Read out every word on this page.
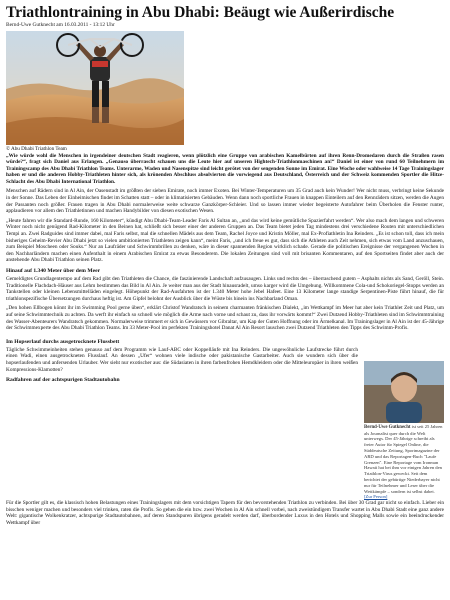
Triathlontraining in Abu Dhabi: Beäugt wie Außerirdische
Bernd-Uwe Gutknecht am 16.03.2011 - 13:12 Uhr
© Abu Dhabi Triathlon Team

„Wie würde wohl die Menschen in irgendeiner deutschen Stadt reagieren, wenn plötzlich eine Gruppe von arabischen Kamelbürten auf ihren Renn-Dromedaren durch die Straßen rasen würde?“, fragt sich Daniel aus Erlangen. „Genauso überrascht schauen uns die Leute hier auf unseren Hightech-Triathlonmaschinen an!“ Daniel ist einer von rund 60 Teilnehmern im Trainingscamp des Abu Dhabi Triathlon Teams. Unterarme, Waden und Nasenspitze sind leicht gerötet von der sengenden Sonne im Emirat. Eine Woche oder wahlweise 14 Tage Trainingslager haben er und die anderen Hobby-Triathleten hinter sich, als krönenden Abschluss absolvierten die vorwiegend aus Deutschland, Österreich und der Schweiz kommenden Sportler die Hitze-Schlacht des Abu Dhabi International Triathlon.

Menschen auf Rädern sind in Al Ain, der Oasenstadt im größten der sieben Emirate, noch immer Exoten. Bei Winter-Temperaturen um 35 Grad auch kein Wunder! Wer nicht muss, verbringt keine Sekunde in der Sonne. Das Leben der Einheimischen findet im Schatten statt – oder in klimatisierten Gebäuden. Wenn dann noch sportliche Frauen in knappen Einteilern auf den Rennrädern sitzen, werden die Augen der Passanten noch größer. Frauen tragen in Abu Dhabi normalerweise weite schwarze Ganzkörper-Schleier. Und so lassen immer wieder begeisterte Autofahrer beim Überholen die Fenster runter, applaudieren vor allem den Triathletinnen und machen Handybilder von diesen exotischen Wesen.

„Heute fahren wir die Standard-Runde, 160 Kilometer“, kündigt Abu Dhabi-Team-Leader Faris Al Sultan an, „und das wird keine gemütliche Spazierfahrt werden“. Wer also mach dem langen und schweren Winter noch nicht genügend Rad-Kilometer in den Beinen hat, schließt sich besser einer der anderen Gruppen an. Das Team bietet jeden Tag mindestens drei verschiedene Routen mit unterschiedlichen Tempi an. Zwei Radguides sind immer dabei, mal Faris selbst, mal die schnellen Mädels aus dem Team, Rachel Joyce und Kristin Möller, mal Ex-Profiathletin Ina Reinders. „Es ist schon toll, dass ich mein bisheriges Geheim-Revier Abu Dhabi jetzt so vielen ambitionierten Triathleten zeigen kann“, meint Faris, „und ich freue es gut, dass sich die Athleten auch Zeit nehmen, sich etwas vom Land anzuschauen, zum Beispiel Moscheen oder Souks.“ Nur an Laufräder und Schwimmbrillen zu denken, wäre in dieser spannenden Region wirklich schade. Gerade die politischen Ereignisse der vergangenen Wochen in den Nachbarländern machen einen Aufenthalt in einem Arabischen Emirat zu etwas Besonderem. Die lokalen Zeitungen sind voll mit brisanten Kommentaren, auf den Sportseiten findet aber auch der anstehende Abu Dhabi Triathlon seinen Platz.

Hinauf auf 1.340 Meter über dem Meer

Gemeldigtes Grundlagentempo auf dem Rad gibt den Triathleten die Chance, die faszinierende Landschaft aufzusaugen. Links und rechts des – überraschend gutem – Asphalts nichts als Sand, Geröll, Stein. Traditionelle Flachdach-Häuser aus Lehm bestimmen das Bild in Al Ain. Je weiter man aus der Stadt hinausradelt, umso karger wird die Umgebung. Willkommene Cola-und Schokoriegel-Stopps werden an Tankstellen oder kleinen Lebensmittelläden eingelegt. Höhepunkt der Rad-Ausfahrten ist der 1.340 Meter hohe Jebel Hafeet. Eine 13 Kilometer lange standige Serpentinen-Piste führt hinauf, die für triathlonspezifische Übersetzungen durchaus heftig ist. Am Gipfel belohnt der Ausblick über die Wüste bis hinein ins Nachbarland Oman.

„Den hohen Ellbogen könnt ihr im Swimming Pool gerne üben“, erklärt Christof Wandratsch in seinem charmanten fränkischen Dialekt, „im Wettkampf im Meer hat aber kein Triathlet Zeit und Platz, um auf seine Schwimmtechnik zu achten. Da werft ihr einfach so schnell wie möglich die Arme nach vorne und schaut zu, dass ihr vorwärts kommt!“ Zwei Dutzend Hobby-Triathleten sind im Schwimmtraining des Wasser-Abenteurers Wandratsch gekommen. Normalerweise trimmert er sich in Gewässern vor Gibraltar, um Kap der Guten Hoffnung oder im Ärmelkanal. Im Trainingslager in Al Ain ist der 45-Jährige der Schwimmexperte des Abu Dhabi Triathlon Teams. Im 33 Meter-Pool im perfekten Trainingshotel Danat Al Ain Resort lauschen zwei Dutzend Triathleten den Tipps des Schwimm-Profis.

Im Hopserlauf durchs ausgetrocknete Flussbett

Tägliche Schwimmeinheiten stehen genauso auf dem Programm wie Lauf-ABC oder Koppelläufe mit Ina Reinders. Die ungewöhnliche Laufstrecke führt durch einen Wadi, einen ausgetrockneten Flusslauf. An dessen „Ufer“ wohnen viele indische oder pakistanische Gastarbeiter. Auch sie wundern sich über die hopserlaufenden und anfersenden Urlauber. Wer sieht nur exotischer aus: die Südasiaten in ihren farbenfrohen Hemdkleidern oder die Mitteleuropäer in ihren weißen Kompressions-Klamotten?

Radfahren auf der achtspurigen Stadtautobahn
Bernd-Uwe Gutknecht ist seit 25 Jahren als Journalist quer durch die Welt unterwegs. Der 45-Jährige schreibt als freier Autor für Spiegel Online, die Süddeutsche Zeitung, Sportmagazine der ARD und das Reportagen-Buch "Laufe Grenzen". Eine Reportage vom Ironman Hawaii hat bei ihm vor einigen Jahren den Triathlon-Virus geweckt. Seit dem berichtet der gebürtige Niederbayer nicht nur für Teilnehmer und Leser über die Wettkämpfe – sondern ist selbst dabei. [Zur Person]

Für die Sportler gilt es, die klassisch hohen Belastungen eines Trainingslagers mit dem vorsichtigen Tapern für den bevorstehenden Triathlon zu verbinden. Bei über 30 Grad gar nicht so einfach. Lieber ein bisschen weniger machen und besonders viel trinken, raten die Profis. So gehen die ein bzw. zwei Wochen in Al Ain schnell vorbei, nach zweistündigem Transfer wartet in Abu Dhabi Stadt eine ganz andere Welt: gigantische Wolkenkratzer, achtspurige Stadtautobahnen, auf deren Standspuren übrigens geradelt werden darf, überbordender Luxus in den Hotels und Shopping Malls sowie ein beeindruckender Wettkampf über
